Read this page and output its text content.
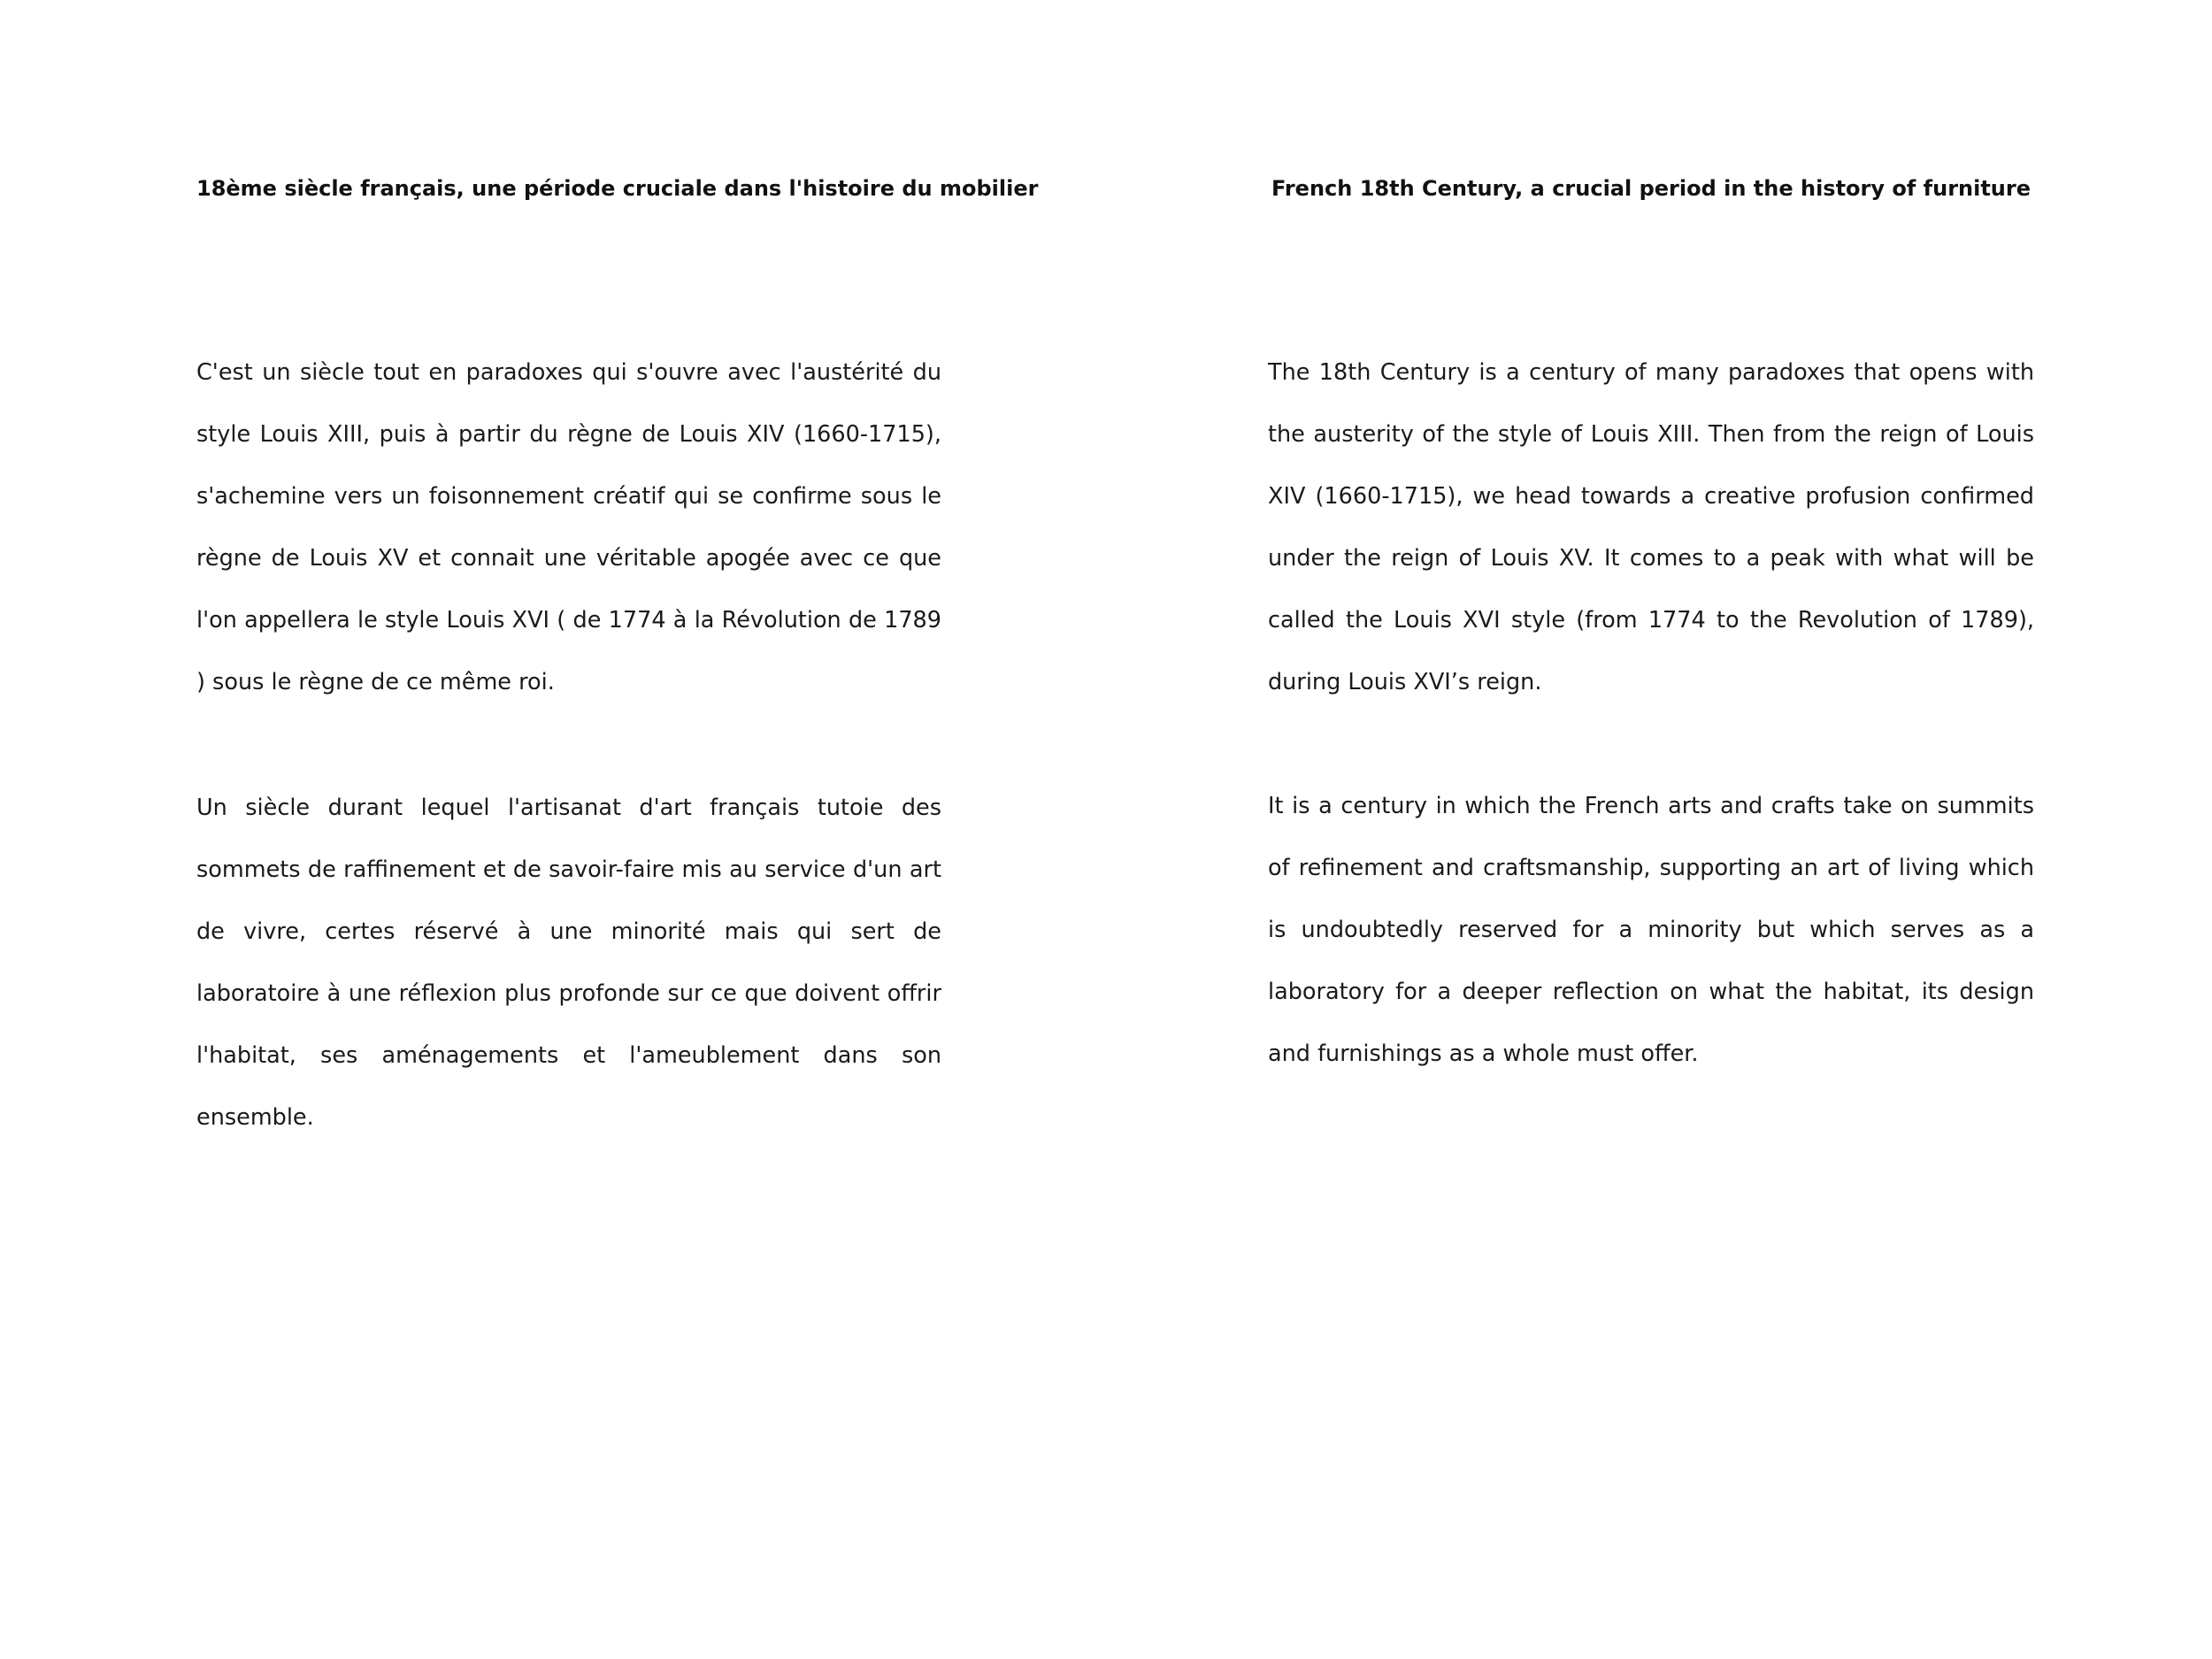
18ème siècle français, une période cruciale dans l'histoire du mobilier

C'est un siècle tout en paradoxes qui s'ouvre avec l'austérité du style Louis XIII, puis à partir du règne de Louis XIV (1660-1715), s'achemine vers un foisonnement créatif qui se confirme sous le règne de Louis XV et connait une véritable apogée avec ce que l'on appellera le style Louis XVI ( de 1774 à la Révolution de 1789 ) sous le règne de ce même roi.

Un siècle durant lequel l'artisanat d'art français tutoie des sommets de raffinement et de savoir-faire mis au service d'un art de vivre, certes réservé à une minorité mais qui sert de laboratoire à une réflexion plus profonde sur ce que doivent offrir l'habitat, ses aménagements et l'ameublement dans son ensemble.

French 18th Century, a crucial period in the history of furniture

The 18th Century is a century of many paradoxes that opens with the austerity of the style of Louis XIII. Then from the reign of Louis XIV (1660-1715), we head towards a creative profusion confirmed under the reign of Louis XV. It comes to a peak with what will be called the Louis XVI style (from 1774 to the Revolution of 1789), during Louis XVI’s reign.

It is a century in which the French arts and crafts take on summits of refinement and craftsmanship, supporting an art of living which is undoubtedly reserved for a minority but which serves as a laboratory for a deeper reflection on what the habitat, its design and furnishings as a whole must offer.
